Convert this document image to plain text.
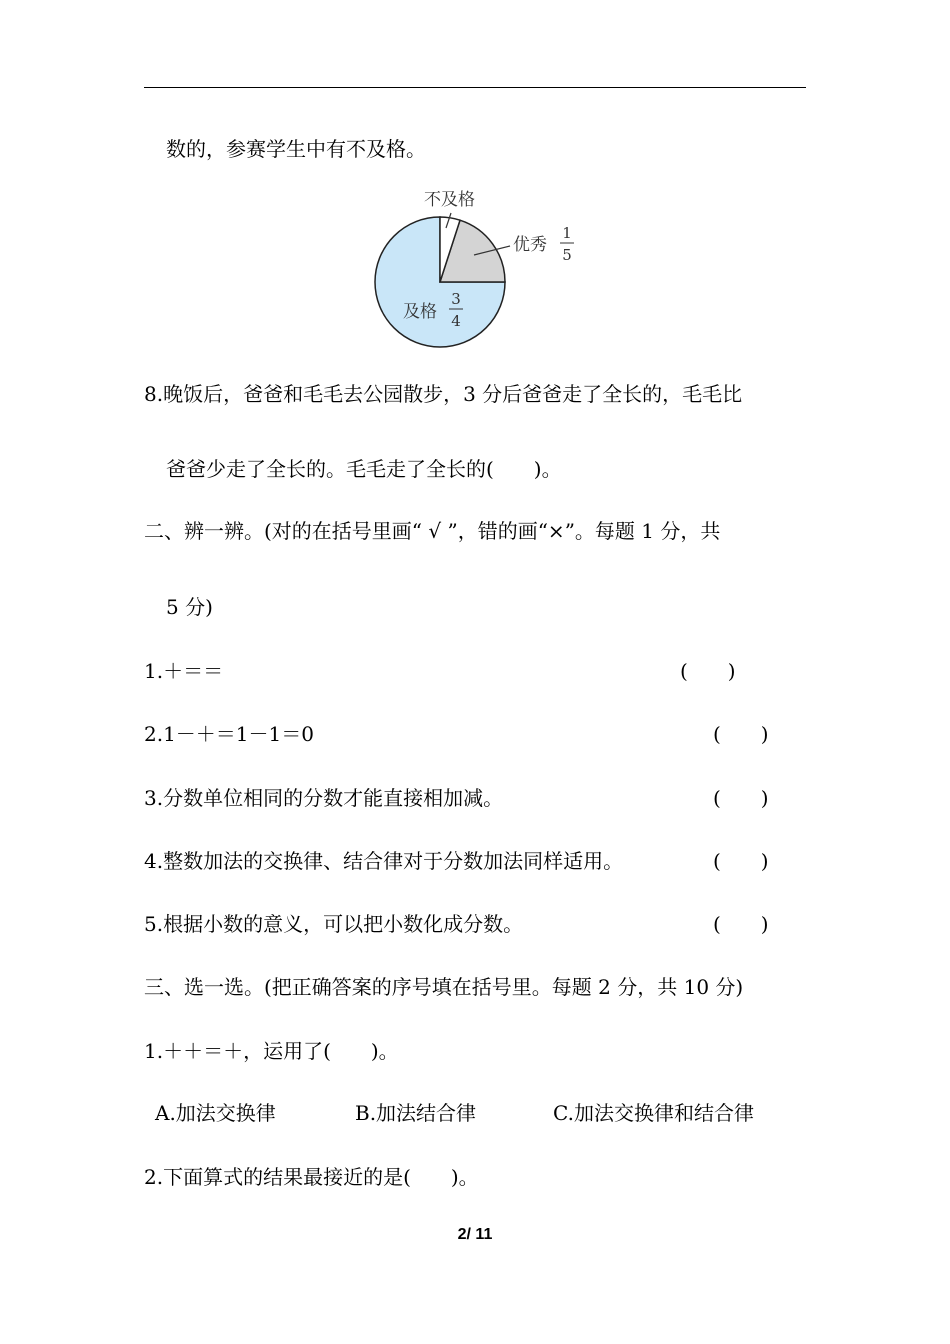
数的，参赛学生中有不及格。
不及格
优秀
1
5
及格
3
4
8.晚饭后，爸爸和毛毛去公园散步，3 分后爸爸走了全长的，毛毛比
爸爸少走了全长的。毛毛走了全长的(　　)。
二、辨一辨。(对的在括号里画“ √ ”，错的画“×”。每题 1 分，共
5 分)
1.＋＝＝	(　　)
2.1－＋＝1－1＝0	(　　)
3.分数单位相同的分数才能直接相加减。	(　　)
4.整数加法的交换律、结合律对于分数加法同样适用。	(　　)
5.根据小数的意义，可以把小数化成分数。	(　　)
三、选一选。(把正确答案的序号填在括号里。每题 2 分，共 10 分)
1.＋＋＝＋，运用了(　　)。
A.加法交换律	B.加法结合律	C.加法交换律和结合律
2.下面算式的结果最接近的是(　　)。
2/ 11
